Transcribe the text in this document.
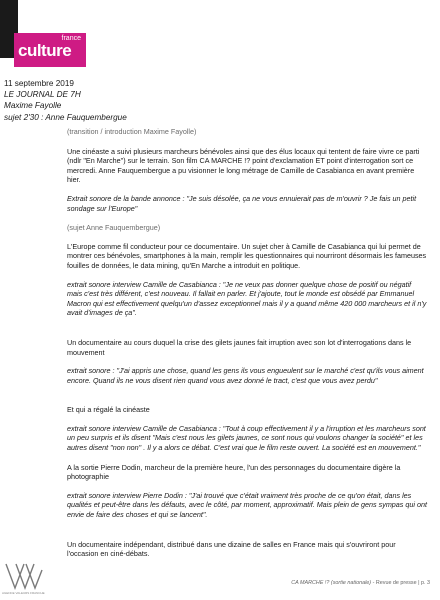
france
culture
11 septembre 2019
LE JOURNAL DE 7H
Maxime Fayolle
sujet 2'30 : Anne Fauquembergue

(transition / introduction Maxime Fayolle)

Une cinéaste a suivi plusieurs marcheurs bénévoles ainsi que des élus locaux qui tentent de faire vivre ce parti (ndlr "En Marche") sur le terrain. Son film CA MARCHE !? point d'exclamation ET point d'interrogation sort ce mercredi. Anne Fauquembergue a pu visionner le long métrage de Camille de Casabianca en avant première hier.

Extrait sonore de la bande annonce : "Je suis désolée, ça ne vous ennuierait pas de m'ouvrir ? Je fais un petit sondage sur l'Europe"

(sujet Anne Fauquembergue)

L'Europe comme fil conducteur pour ce documentaire. Un sujet cher à Camille de Casabianca qui lui permet de montrer ces bénévoles, smartphones à la main, remplir les questionnaires qui nourriront désormais les fameuses fouilles de données, le data mining, qu'En Marche a introduit en politique.

extrait sonore interview Camille de Casabianca : "Je ne veux pas donner quelque chose de positif ou négatif mais c'est très différent, c'est nouveau. Il fallait en parler. Et j'ajoute, tout le monde est obsédé par Emmanuel Macron qui est effectivement quelqu'un d'assez exceptionnel mais il y a quand même 420 000 marcheurs et il n'y avait d'images de ça".

Un documentaire au cours duquel la crise des gilets jaunes fait irruption avec son lot d'interrogations dans le mouvement

extrait sonore : "J'ai appris une chose, quand les gens ils vous engueulent sur le marché c'est qu'ils vous aiment encore. Quand ils ne vous disent rien quand vous avez donné le tract, c'est que vous avez perdu"

Et qui a régalé la cinéaste

extrait sonore interview Camille de Casabianca : "Tout à coup effectivement il y a l'irruption et les marcheurs sont un peu surpris et ils disent "Mais c'est nous les gilets jaunes, ce sont nous qui voulons changer la société" et les autres disent "non non" . Il y a alors ce débat. C'est vrai que le film reste ouvert. La société est en mouvement."

A la sortie Pierre Dodin, marcheur de la première heure, l'un des personnages du documentaire digère la photographie

extrait sonore interview Pierre Dodin : "J'ai trouvé que c'était vraiment très proche de ce qu'on était, dans les qualités et peut-être dans les défauts, avec le côté, par moment, approximatif. Mais plein de gens sympas qui ont envie de faire des choses et qui se lancent".

Un documentaire indépendant, distribué dans une dizaine de salles en France mais qui s'ouvriront pour l'occasion en ciné-débats.

AGENCE VALEURS FRANCHE
CA MARCHE !? (sortie nationale) - Revue de presse | p. 3
